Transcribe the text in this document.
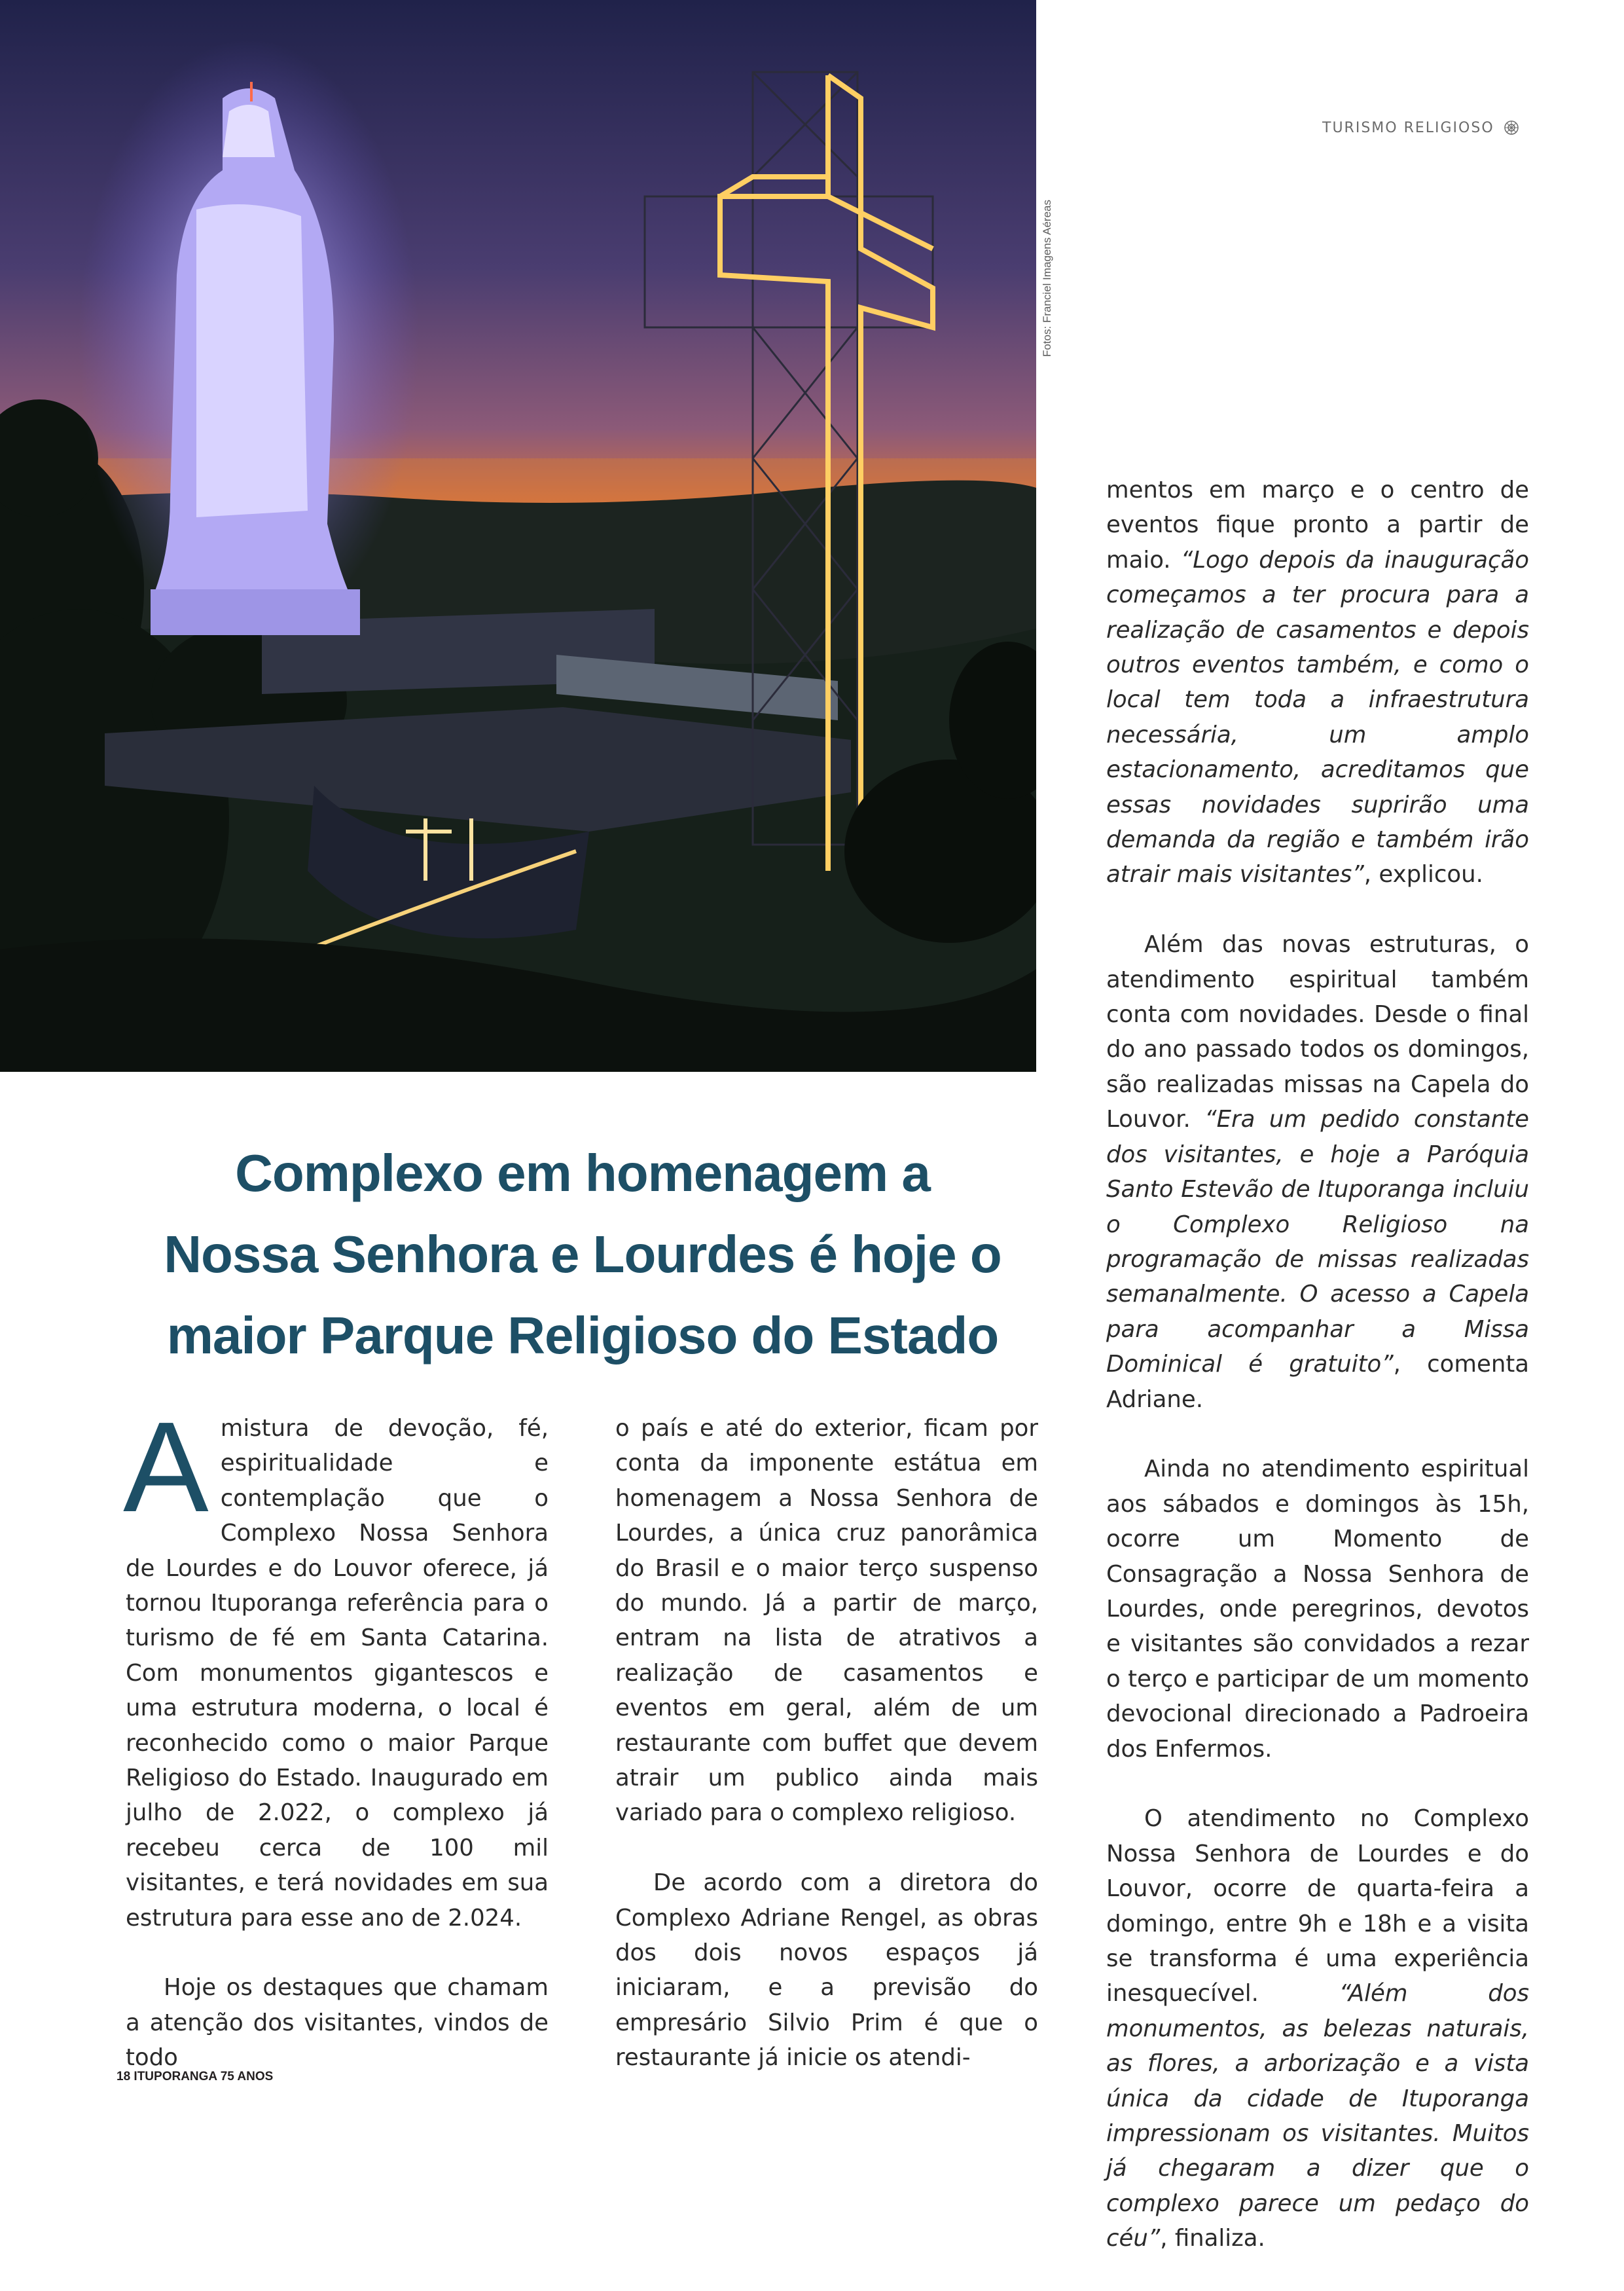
Fotos: Franciel Imagens Aéreas
TURISMO RELIGIOSO
Complexo em homenagem a
Nossa Senhora e Lourdes é hoje o
maior Parque Religioso do Estado

A mistura de devoção, fé, espiritualidade e contemplação que o Complexo Nossa Senhora de Lourdes e do Louvor oferece, já tornou Ituporanga referência para o turismo de fé em Santa Catarina. Com monumentos gigantescos e uma estrutura moderna, o local é reconhecido como o maior Parque Religioso do Estado. Inaugurado em julho de 2.022, o complexo já recebeu cerca de 100 mil visitantes, e terá novidades em sua estrutura para esse ano de 2.024.

Hoje os destaques que chamam a atenção dos visitantes, vindos de todo

o país e até do exterior, ficam por conta da imponente estátua em homenagem a Nossa Senhora de Lourdes, a única cruz panorâmica do Brasil e o maior terço suspenso do mundo. Já a partir de março, entram na lista de atrativos a realização de casamentos e eventos em geral, além de um restaurante com buffet que devem atrair um publico ainda mais variado para o complexo religioso.

De acordo com a diretora do Complexo Adriane Rengel, as obras dos dois novos espaços já iniciaram, e a previsão do empresário Silvio Prim é que o restaurante já inicie os atendi-

mentos em março e o centro de eventos fique pronto a partir de maio. “Logo depois da inauguração começamos a ter procura para a realização de casamentos e depois outros eventos também, e como o local tem toda a infraestrutura necessária, um amplo estacionamento, acreditamos que essas novidades suprirão uma demanda da região e também irão atrair mais visitantes”, explicou.

Além das novas estruturas, o atendimento espiritual também conta com novidades. Desde o final do ano passado todos os domingos, são realizadas missas na Capela do Louvor. “Era um pedido constante dos visitantes, e hoje a Paróquia Santo Estevão de Ituporanga incluiu o Complexo Religioso na programação de missas realizadas semanalmente. O acesso a Capela para acompanhar a Missa Dominical é gratuito”, comenta Adriane.

Ainda no atendimento espiritual aos sábados e domingos às 15h, ocorre um Momento de Consagração a Nossa Senhora de Lourdes, onde peregrinos, devotos e visitantes são convidados a rezar o terço e participar de um momento devocional direcionado a Padroeira dos Enfermos.

O atendimento no Complexo Nossa Senhora de Lourdes e do Louvor, ocorre de quarta-feira a domingo, entre 9h e 18h e a visita se transforma é uma experiência inesquecível. “Além dos monumentos, as belezas naturais, as flores, a arborização e a vista única da cidade de Ituporanga impressionam os visitantes. Muitos já chegaram a dizer que o complexo parece um pedaço do céu”, finaliza.

18 ITUPORANGA 75 ANOS
